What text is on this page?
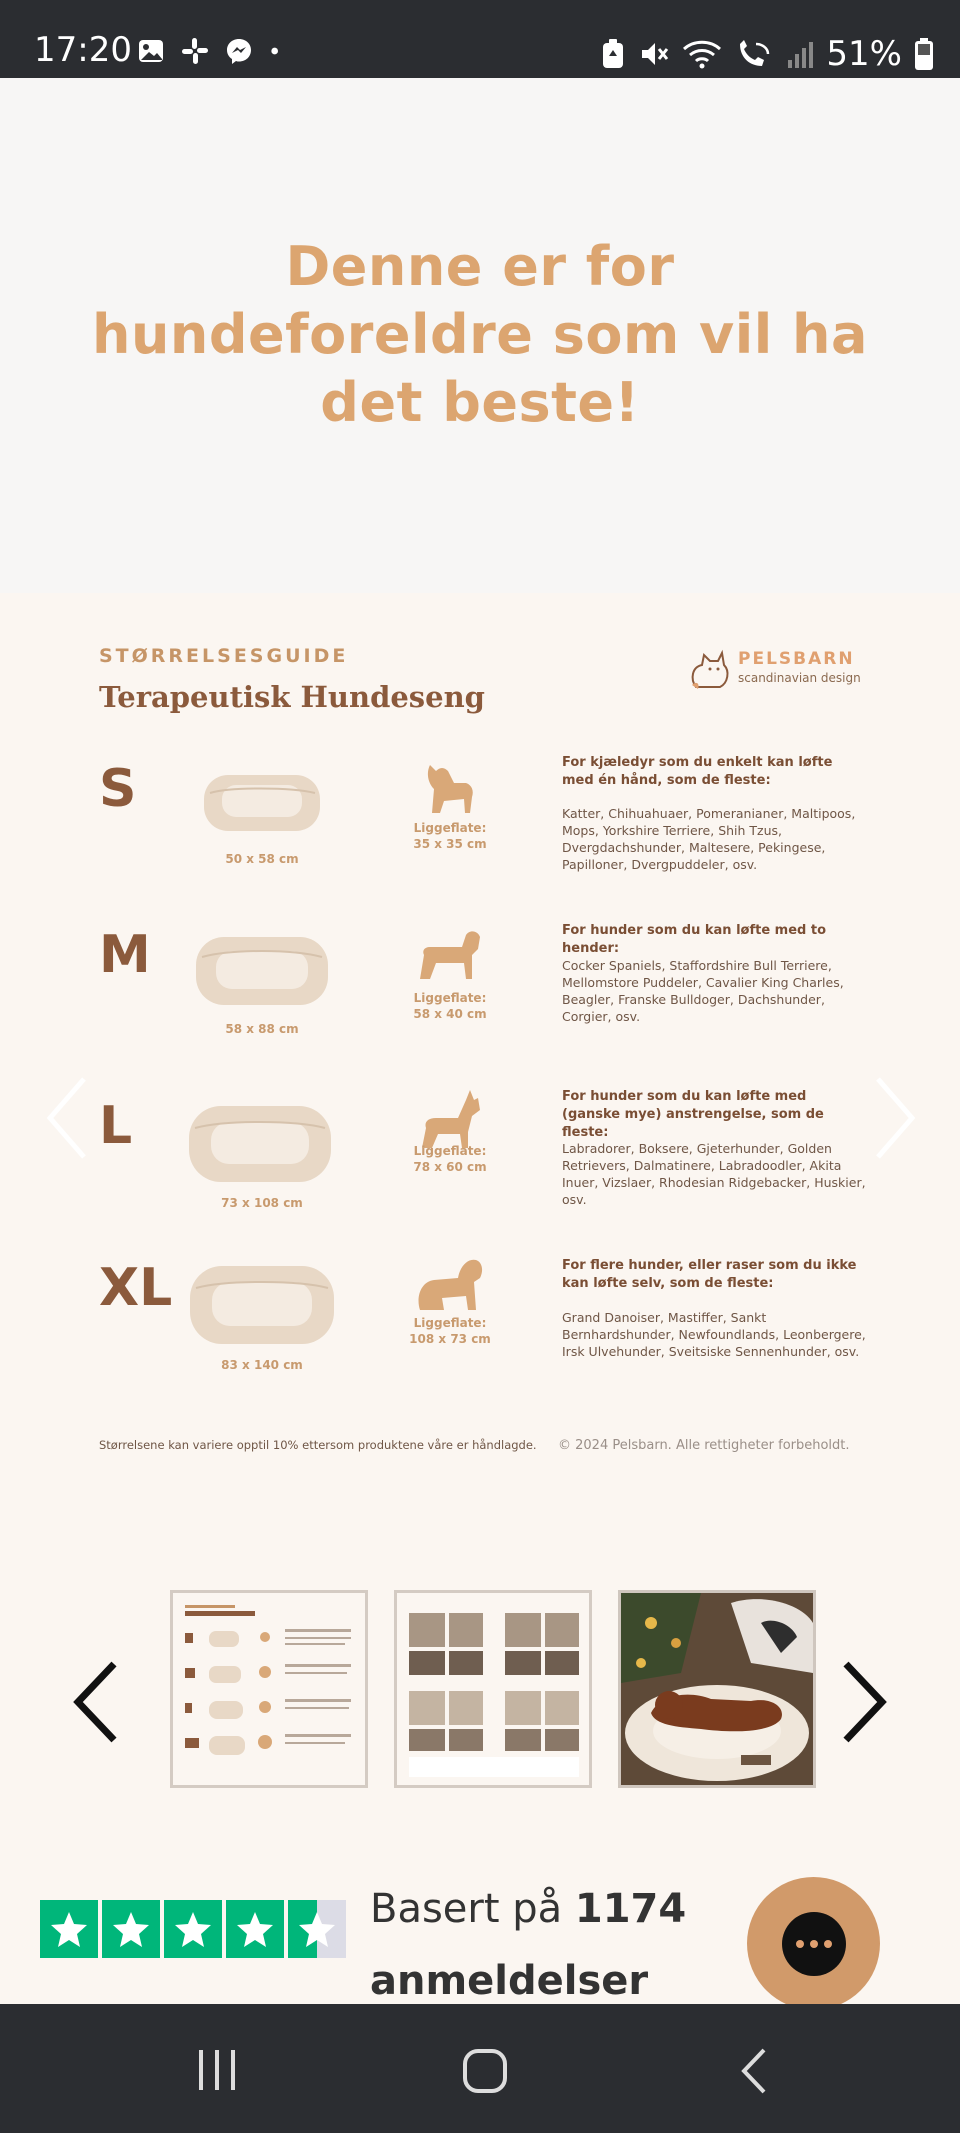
17:20	51%
Denne er for hundeforeldre som vil ha det beste!
STØRRELSESGUIDE
Terapeutisk Hundeseng
PELSBARN
scandinavian design
S
50 x 58 cm
Liggeflate:
35 x 35 cm
For kjæledyr som du enkelt kan løfte med én hånd, som de fleste:
Katter, Chihuahuaer, Pomeranianer, Maltipoos, Mops, Yorkshire Terriere, Shih Tzus, Dvergdachshunder, Maltesere, Pekingese, Papilloner, Dvergpuddeler, osv.
M
58 x 88 cm
Liggeflate:
58 x 40 cm
For hunder som du kan løfte med to hender:
Cocker Spaniels, Staffordshire Bull Terriere, Mellomstore Puddeler, Cavalier King Charles, Beagler, Franske Bulldoger, Dachshunder, Corgier, osv.
L
73 x 108 cm
Liggeflate:
78 x 60 cm
For hunder som du kan løfte med (ganske mye) anstrengelse, som de fleste:
Labradorer, Boksere, Gjeterhunder, Golden Retrievers, Dalmatinere, Labradoodler, Akita Inuer, Vizslaer, Rhodesian Ridgebacker, Huskier, osv.
XL
83 x 140 cm
Liggeflate:
108 x 73 cm
For flere hunder, eller raser som du ikke kan løfte selv, som de fleste:
Grand Danoiser, Mastiffer, Sankt Bernhardshunder, Newfoundlands, Leonbergere, Irsk Ulvehunder, Sveitsiske Sennenhunder, osv.
Størrelsene kan variere opptil 10% ettersom produktene våre er håndlagde. © 2024 Pelsbarn. Alle rettigheter forbeholdt.
Basert på 1174
anmeldelser
